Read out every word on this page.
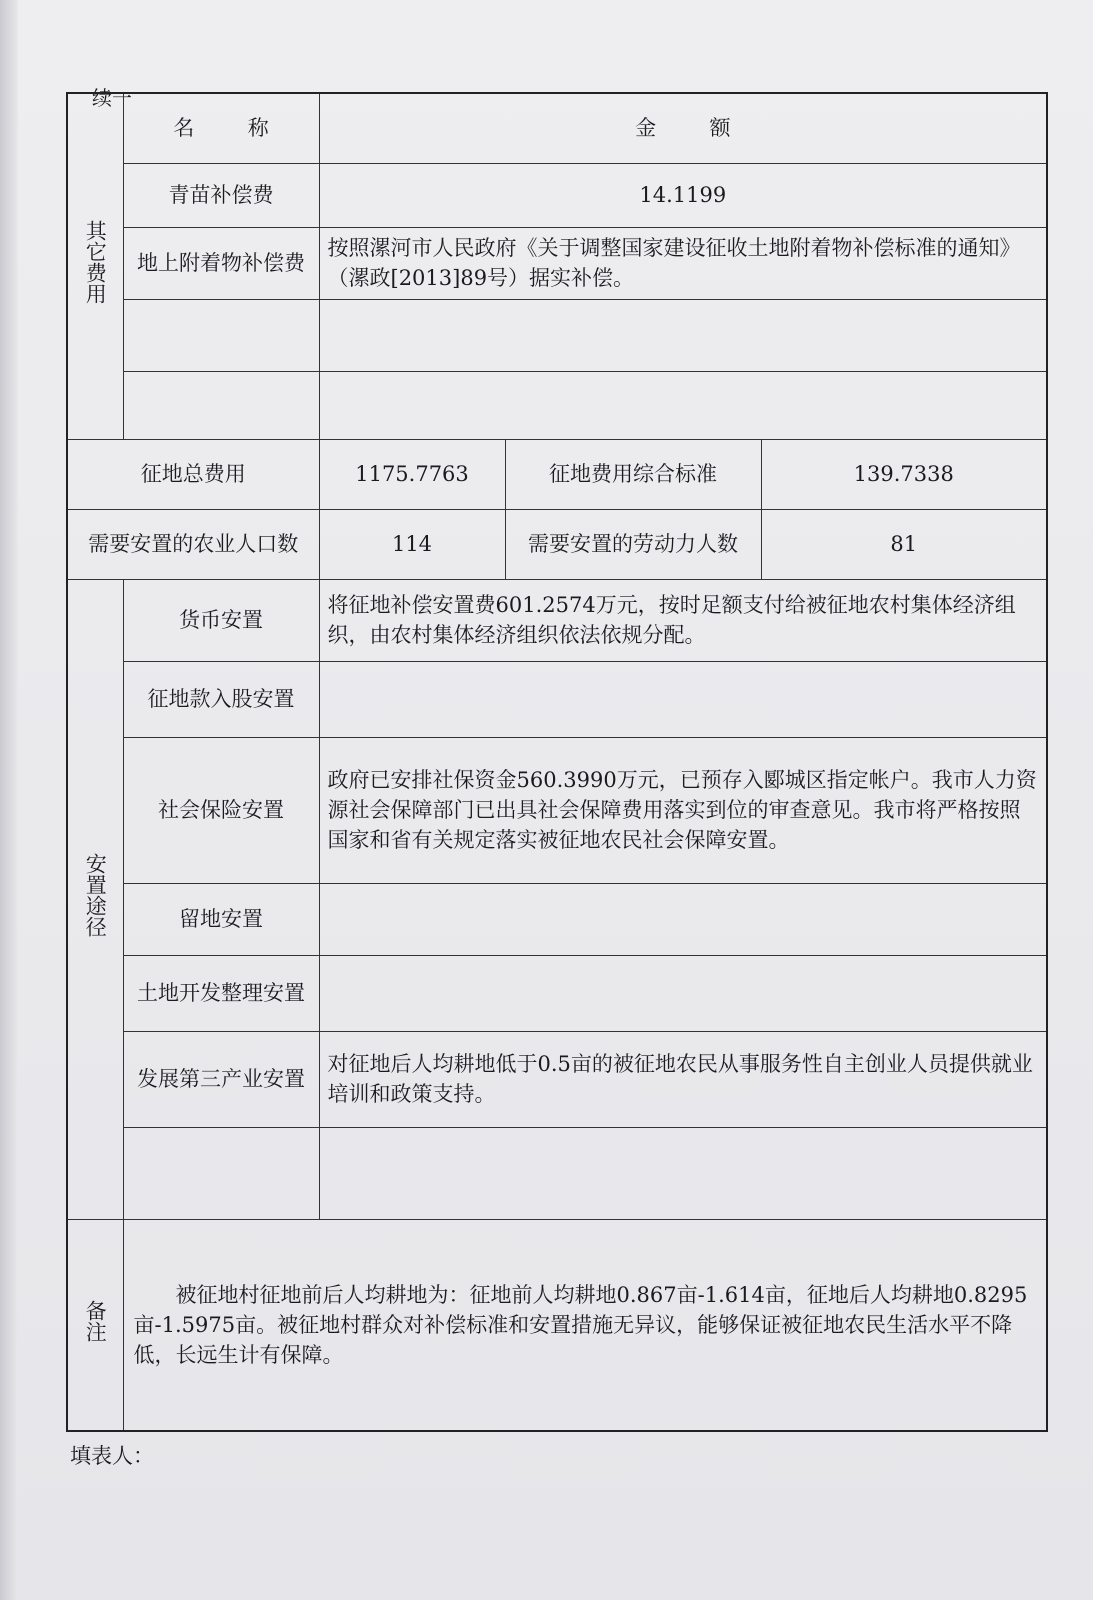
续一
其它费用	名        称	金        额		
	青苗补偿费	14.1199		
	地上附着物补偿费	按照漯河市人民政府《关于调整国家建设征收土地附着物补偿标准的通知》（漯政[2013]89号）据实补偿。		

征地总费用		1175.7763	征地费用综合标准	139.7338
需要安置的农业人口数		114	需要安置的劳动力人数	81
安置途径	货币安置	将征地补偿安置费601.2574万元，按时足额支付给被征地农村集体经济组织，由农村集体经济组织依法依规分配。		
	征地款入股安置			
	社会保险安置	政府已安排社保资金560.3990万元，已预存入郾城区指定帐户。我市人力资源社会保障部门已出具社会保障费用落实到位的审查意见。我市将严格按照国家和省有关规定落实被征地农民社会保障安置。		
	留地安置			
	土地开发整理安置			
	发展第三产业安置	对征地后人均耕地低于0.5亩的被征地农民从事服务性自主创业人员提供就业培训和政策支持。		

备注	被征地村征地前后人均耕地为：征地前人均耕地0.867亩-1.614亩，征地后人均耕地0.8295亩-1.5975亩。被征地村群众对补偿标准和安置措施无异议，能够保证被征地农民生活水平不降低，长远生计有保障。			
填表人：
